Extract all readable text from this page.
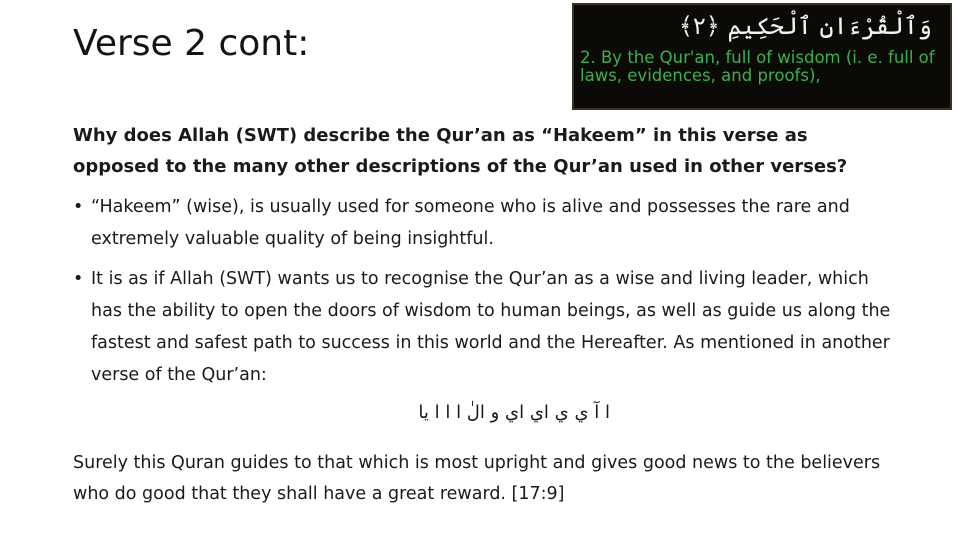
Verse 2 cont:	وَٱلْقُرْءَانِ ٱلْحَكِيمِ ﴿٢﴾
2. By the Qur'an, full of wisdom (i. e. full of laws, evidences, and proofs),
Why does Allah (SWT) describe the Qur’an as “Hakeem” in this verse as opposed to the many other descriptions of the Qur’an used in other verses?
• “Hakeem” (wise), is usually used for someone who is alive and possesses the rare and extremely valuable quality of being insightful.
• It is as if Allah (SWT) wants us to recognise the Qur’an as a wise and living leader, which has the ability to open the doors of wisdom to human beings, as well as guide us along the fastest and safest path to success in this world and the Hereafter. As mentioned in another verse of the Qur’an:
ا آ ي ي اي اي و الٰ ا ا ا يا
Surely this Quran guides to that which is most upright and gives good news to the believers who do good that they shall have a great reward. [17:9]
